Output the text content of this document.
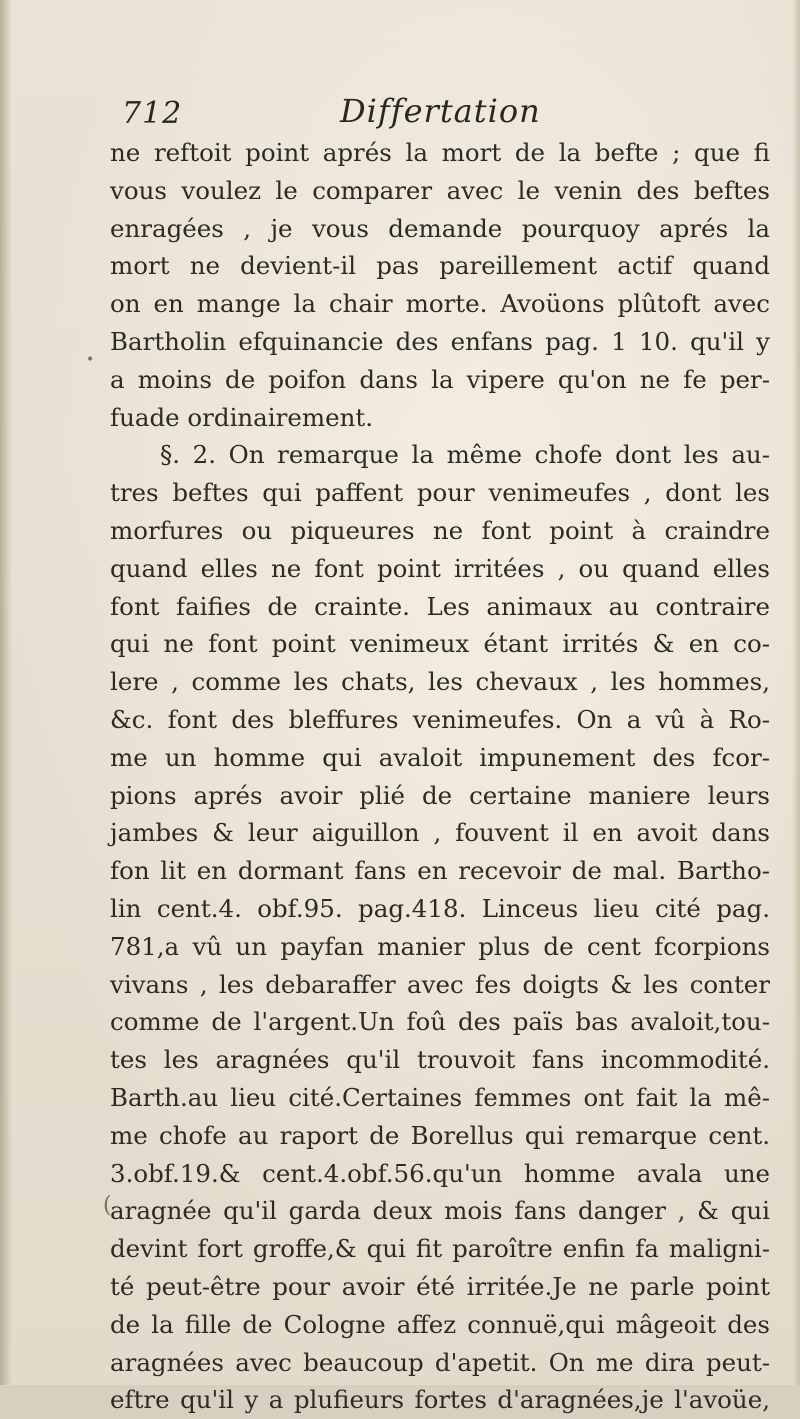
712	Differtation
•
(
ne reftoit point aprés la mort de la befte ; que fi
vous voulez le comparer avec le venin des beftes
enragées , je vous demande pourquoy aprés la
mort ne devient-il pas pareillement actif quand
on en mange la chair morte. Avoüons plûtoft avec
Bartholin efquinancie des enfans pag. 1 10. qu'il y
a moins de poifon dans la vipere qu'on ne fe per-
fuade ordinairement.
§. 2. On remarque la même chofe dont les au-
tres beftes qui paffent pour venimeufes , dont les
morfures ou piqueures ne font point à craindre
quand elles ne font point irritées , ou quand elles
font faifies de crainte. Les animaux au contraire
qui ne font point venimeux étant irrités & en co-
lere , comme les chats, les chevaux , les hommes,
&c. font des bleffures venimeufes. On a vû à Ro-
me un homme qui avaloit impunement des fcor-
pions aprés avoir plié de certaine maniere leurs
jambes & leur aiguillon , fouvent il en avoit dans
fon lit en dormant fans en recevoir de mal. Bartho-
lin cent.4. obf.95. pag.418. Linceus lieu cité pag.
781,a vû un payfan manier plus de cent fcorpions
vivans , les debaraffer avec fes doigts & les conter
comme de l'argent.Un foû des païs bas avaloit,tou-
tes les aragnées qu'il trouvoit fans incommodité.
Barth.au lieu cité.Certaines femmes ont fait la mê-
me chofe au raport de Borellus qui remarque cent.
3.obf.19.& cent.4.obf.56.qu'un homme avala une
aragnée qu'il garda deux mois fans danger , & qui
devint fort groffe,& qui fit paroître enfin fa maligni-
té peut-être pour avoir été irritée.Je ne parle point
de la fille de Cologne affez connuë,qui mâgeoit des
aragnées avec beaucoup d'apetit. On me dira peut-
eftre qu'il y a plufieurs fortes d'aragnées,je l'avoüe,
